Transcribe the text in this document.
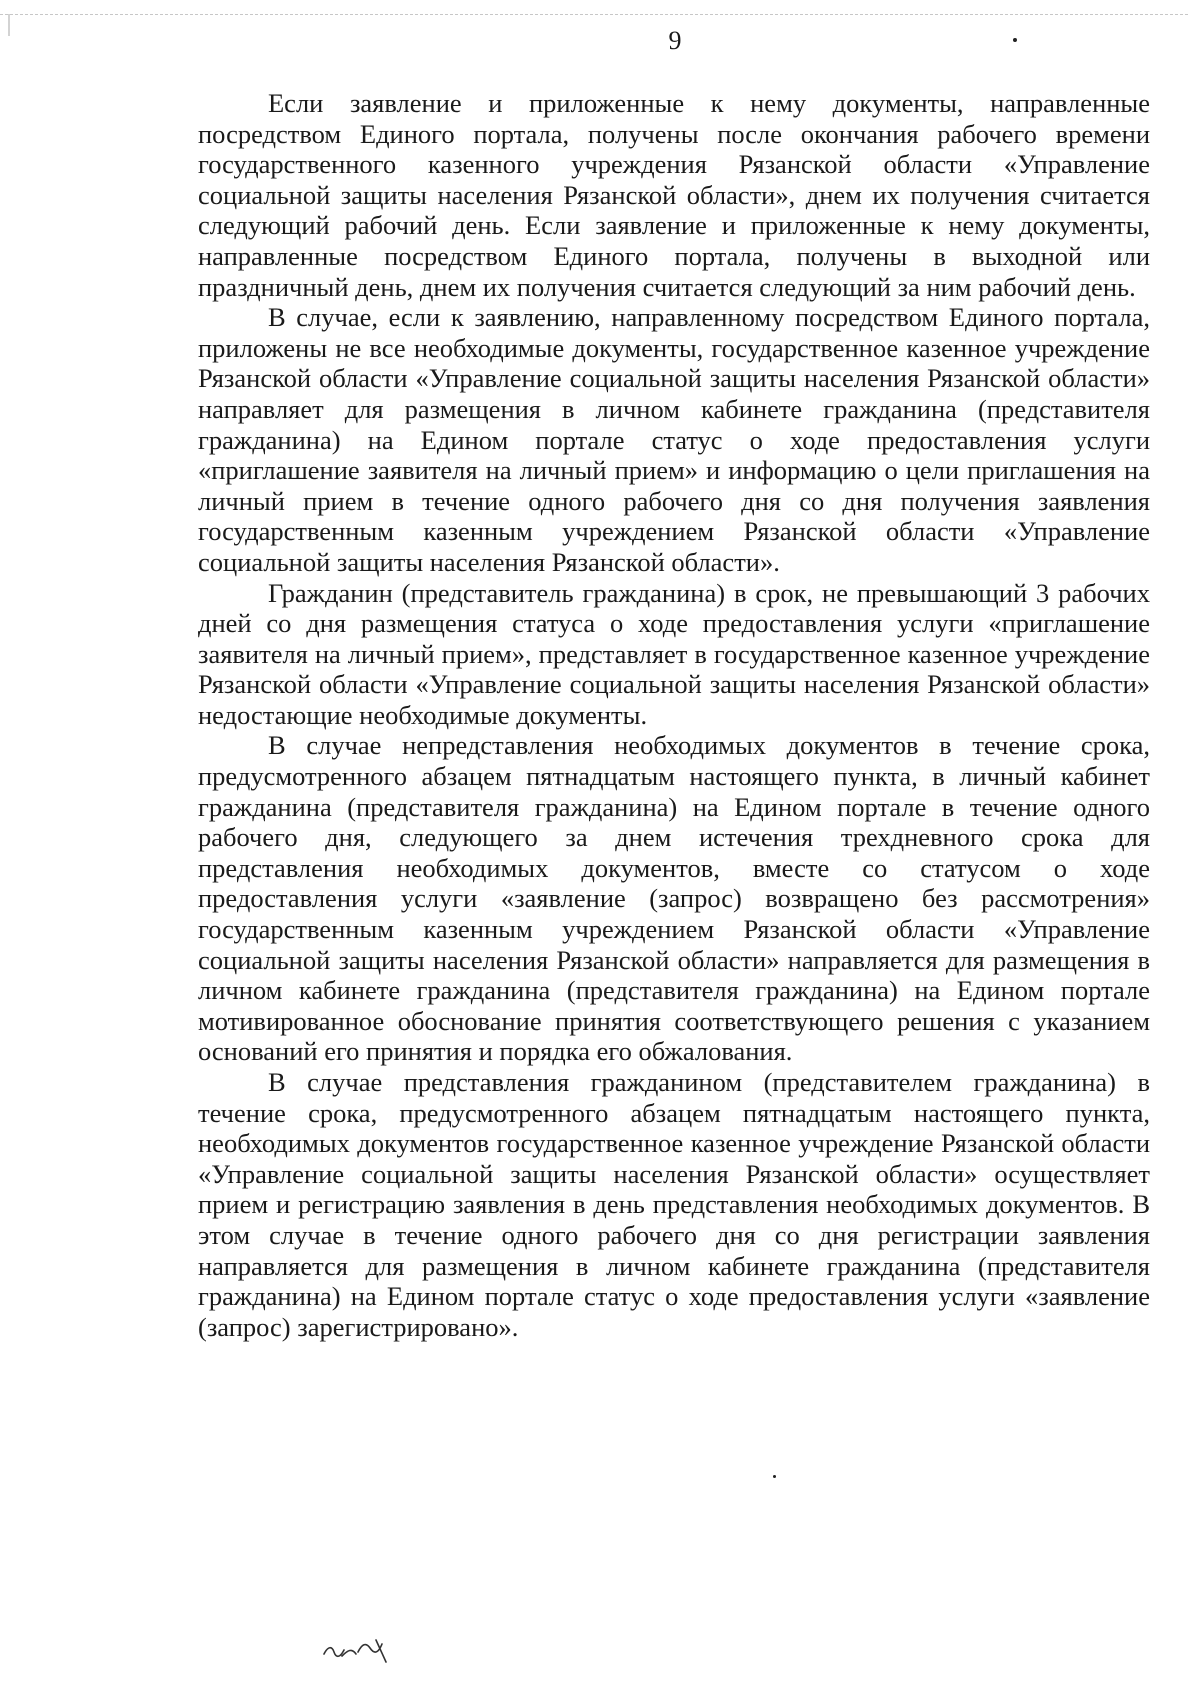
9

Если заявление и приложенные к нему документы, направленные посредством Единого портала, получены после окончания рабочего времени государственного казенного учреждения Рязанской области «Управление социальной защиты населения Рязанской области», днем их получения считается следующий рабочий день. Если заявление и приложенные к нему документы, направленные посредством Единого портала, получены в выходной или праздничный день, днем их получения считается следующий за ним рабочий день.

В случае, если к заявлению, направленному посредством Единого портала, приложены не все необходимые документы, государственное казенное учреждение Рязанской области «Управление социальной защиты населения Рязанской области» направляет для размещения в личном кабинете гражданина (представителя гражданина) на Едином портале статус о ходе предоставления услуги «приглашение заявителя на личный прием» и информацию о цели приглашения на личный прием в течение одного рабочего дня со дня получения заявления государственным казенным учреждением Рязанской области «Управление социальной защиты населения Рязанской области».

Гражданин (представитель гражданина) в срок, не превышающий 3 рабочих дней со дня размещения статуса о ходе предоставления услуги «приглашение заявителя на личный прием», представляет в государственное казенное учреждение Рязанской области «Управление социальной защиты населения Рязанской области» недостающие необходимые документы.

В случае непредставления необходимых документов в течение срока, предусмотренного абзацем пятнадцатым настоящего пункта, в личный кабинет гражданина (представителя гражданина) на Едином портале в течение одного рабочего дня, следующего за днем истечения трехдневного срока для представления необходимых документов, вместе со статусом о ходе предоставления услуги «заявление (запрос) возвращено без рассмотрения» государственным казенным учреждением Рязанской области «Управление социальной защиты населения Рязанской области» направляется для размещения в личном кабинете гражданина (представителя гражданина) на Едином портале мотивированное обоснование принятия соответствующего решения с указанием оснований его принятия и порядка его обжалования.

В случае представления гражданином (представителем гражданина) в течение срока, предусмотренного абзацем пятнадцатым настоящего пункта, необходимых документов государственное казенное учреждение Рязанской области «Управление социальной защиты населения Рязанской области» осуществляет прием и регистрацию заявления в день представления необходимых документов. В этом случае в течение одного рабочего дня со дня регистрации заявления направляется для размещения в личном кабинете гражданина (представителя гражданина) на Едином портале статус о ходе предоставления услуги «заявление (запрос) зарегистрировано».
